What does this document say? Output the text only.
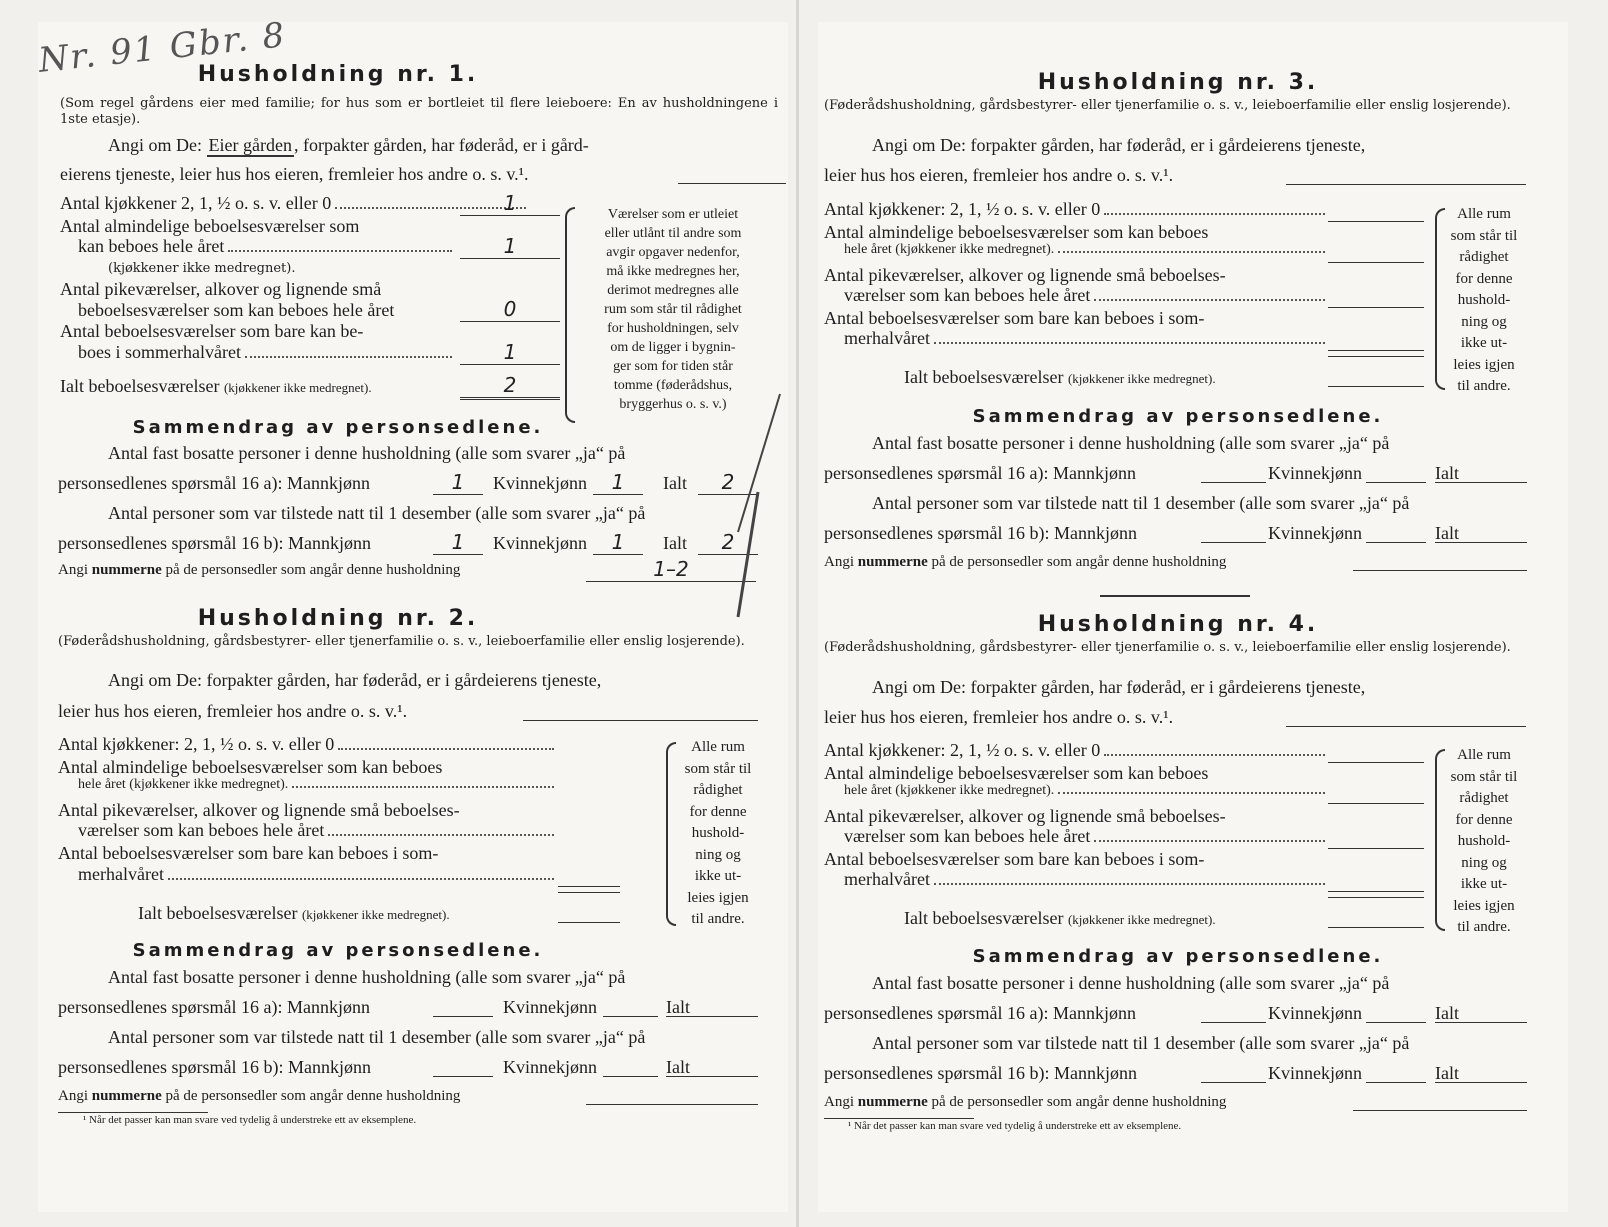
Nr. 91 Gbr. 8
Husholdning nr. 1.
(Som regel gårdens eier med familie; for hus som er bortleiet til flere leieboere: En av husholdningene i 1ste etasje).
Angi om De: Eier gården , forpakter gården, har føderåd, er i gård-
eierens tjeneste, leier hus hos eieren, fremleier hos andre o. s. v.¹.
Antal kjøkkener 2, 1, ½ o. s. v. eller 0	1
Antal almindelige beboelsesværelser som
kan beboes hele året	1
(kjøkkener ikke medregnet).
Antal pikeværelser, alkover og lignende små
beboelsesværelser som kan beboes hele året	0
Antal beboelsesværelser som bare kan be-
boes i sommerhalvåret	1
Ialt beboelsesværelser (kjøkkener ikke medregnet).	2
Værelser som er utleiet
eller utlånt til andre som
avgir opgaver nedenfor,
må ikke medregnes her,
derimot medregnes alle
rum som står til rådighet
for husholdningen, selv
om de ligger i bygnin-
ger som for tiden står
tomme (føderådshus,
bryggerhus o. s. v.)
Sammendrag av personsedlene.
Antal fast bosatte personer i denne husholdning (alle som svarer „ja“ på
personsedlenes spørsmål 16 a): Mannkjønn	1	Kvinnekjønn	1	Ialt	2
Antal personer som var tilstede natt til 1 desember (alle som svarer „ja“ på
personsedlenes spørsmål 16 b): Mannkjønn	1	Kvinnekjønn	1	Ialt	2
Angi nummerne på de personsedler som angår denne husholdning	1–2
Husholdning nr. 2.
(Føderådshusholdning, gårdsbestyrer- eller tjenerfamilie o. s. v., leieboerfamilie eller enslig losjerende).
Angi om De: forpakter gården, har føderåd, er i gårdeierens tjeneste,
leier hus hos eieren, fremleier hos andre o. s. v.¹.
Antal kjøkkener: 2, 1, ½ o. s. v. eller 0
Antal almindelige beboelsesværelser som kan beboes
hele året (kjøkkener ikke medregnet).
Antal pikeværelser, alkover og lignende små beboelses-
værelser som kan beboes hele året
Antal beboelsesværelser som bare kan beboes i som-
merhalvåret
Ialt beboelsesværelser (kjøkkener ikke medregnet).
Alle rum
som står til
rådighet
for denne
hushold-
ning og
ikke ut-
leies igjen
til andre.
Sammendrag av personsedlene.
Antal fast bosatte personer i denne husholdning (alle som svarer „ja“ på
personsedlenes spørsmål 16 a): Mannkjønn	Kvinnekjønn	Ialt
Antal personer som var tilstede natt til 1 desember (alle som svarer „ja“ på
personsedlenes spørsmål 16 b): Mannkjønn	Kvinnekjønn	Ialt
Angi nummerne på de personsedler som angår denne husholdning
¹ Når det passer kan man svare ved tydelig å understreke ett av eksemplene.
Husholdning nr. 3.
(Føderådshusholdning, gårdsbestyrer- eller tjenerfamilie o. s. v., leieboerfamilie eller enslig losjerende).
Angi om De: forpakter gården, har føderåd, er i gårdeierens tjeneste,
leier hus hos eieren, fremleier hos andre o. s. v.¹.
Antal kjøkkener: 2, 1, ½ o. s. v. eller 0
Antal almindelige beboelsesværelser som kan beboes
hele året (kjøkkener ikke medregnet).
Antal pikeværelser, alkover og lignende små beboelses-
værelser som kan beboes hele året
Antal beboelsesværelser som bare kan beboes i som-
merhalvåret
Ialt beboelsesværelser (kjøkkener ikke medregnet).
Alle rum
som står til
rådighet
for denne
hushold-
ning og
ikke ut-
leies igjen
til andre.
Sammendrag av personsedlene.
Antal fast bosatte personer i denne husholdning (alle som svarer „ja“ på
personsedlenes spørsmål 16 a): Mannkjønn	Kvinnekjønn	Ialt
Antal personer som var tilstede natt til 1 desember (alle som svarer „ja“ på
personsedlenes spørsmål 16 b): Mannkjønn	Kvinnekjønn	Ialt
Angi nummerne på de personsedler som angår denne husholdning
Husholdning nr. 4.
(Føderådshusholdning, gårdsbestyrer- eller tjenerfamilie o. s. v., leieboerfamilie eller enslig losjerende).
Angi om De: forpakter gården, har føderåd, er i gårdeierens tjeneste,
leier hus hos eieren, fremleier hos andre o. s. v.¹.
Antal kjøkkener: 2, 1, ½ o. s. v. eller 0
Antal almindelige beboelsesværelser som kan beboes
hele året (kjøkkener ikke medregnet).
Antal pikeværelser, alkover og lignende små beboelses-
værelser som kan beboes hele året
Antal beboelsesværelser som bare kan beboes i som-
merhalvåret
Ialt beboelsesværelser (kjøkkener ikke medregnet).
Alle rum
som står til
rådighet
for denne
hushold-
ning og
ikke ut-
leies igjen
til andre.
Sammendrag av personsedlene.
Antal fast bosatte personer i denne husholdning (alle som svarer „ja“ på
personsedlenes spørsmål 16 a): Mannkjønn	Kvinnekjønn	Ialt
Antal personer som var tilstede natt til 1 desember (alle som svarer „ja“ på
personsedlenes spørsmål 16 b): Mannkjønn	Kvinnekjønn	Ialt
Angi nummerne på de personsedler som angår denne husholdning
¹ Når det passer kan man svare ved tydelig å understreke ett av eksemplene.
